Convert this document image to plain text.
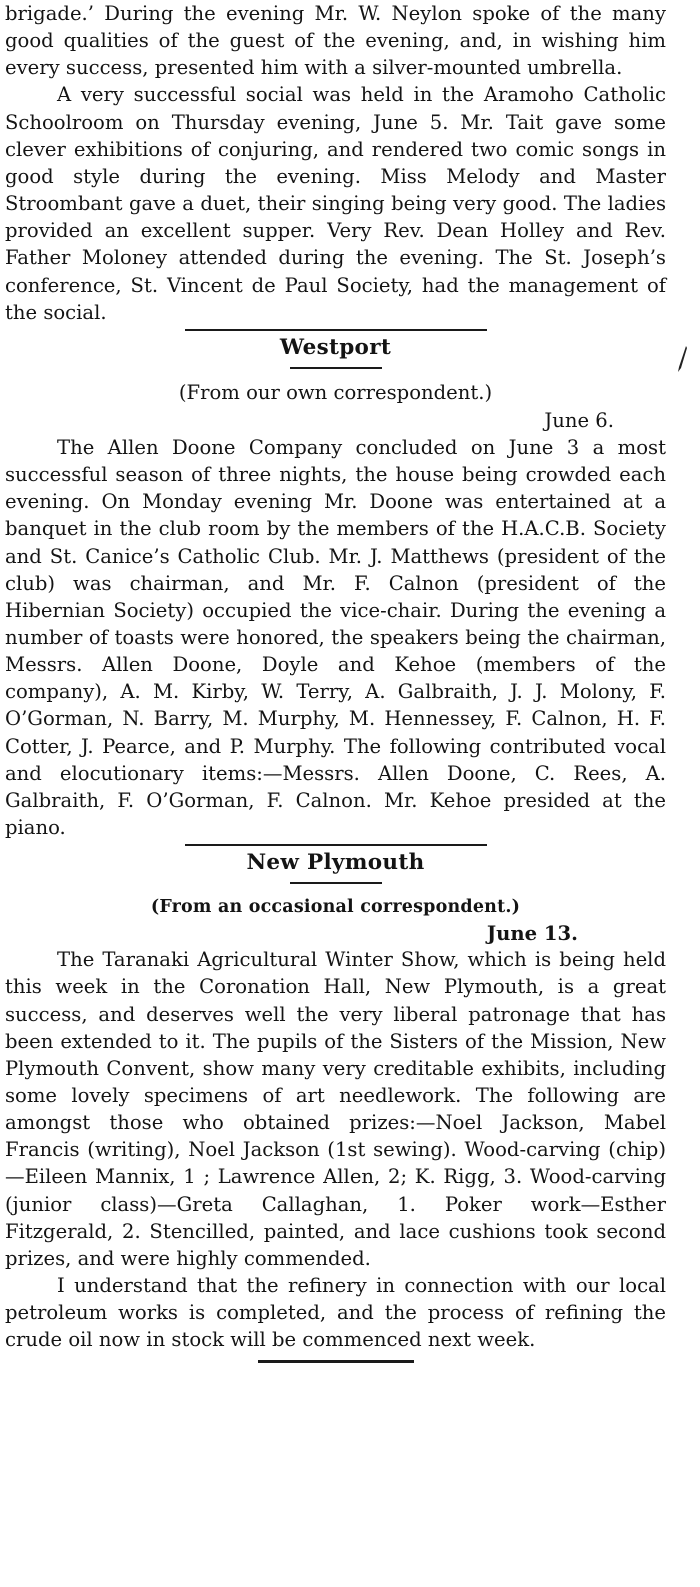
brigade.’ During the evening Mr. W. Neylon spoke of the many good qualities of the guest of the evening, and, in wishing him every success, presented him with a silver-mounted umbrella.

A very successful social was held in the Aramoho Catholic Schoolroom on Thursday evening, June 5. Mr. Tait gave some clever exhibitions of conjuring, and rendered two comic songs in good style during the evening. Miss Melody and Master Stroombant gave a duet, their singing being very good. The ladies provided an excellent supper. Very Rev. Dean Holley and Rev. Father Moloney attended during the evening. The St. Joseph’s conference, St. Vincent de Paul Society, had the management of the social.

Westport

(From our own correspondent.)

June 6.

The Allen Doone Company concluded on June 3 a most successful season of three nights, the house being crowded each evening. On Monday evening Mr. Doone was entertained at a banquet in the club room by the members of the H.A.C.B. Society and St. Canice’s Catholic Club. Mr. J. Matthews (president of the club) was chairman, and Mr. F. Calnon (president of the Hibernian Society) occupied the vice-chair. During the evening a number of toasts were honored, the speakers being the chairman, Messrs. Allen Doone, Doyle and Kehoe (members of the company), A. M. Kirby, W. Terry, A. Galbraith, J. J. Molony, F. O’Gorman, N. Barry, M. Murphy, M. Hennessey, F. Calnon, H. F. Cotter, J. Pearce, and P. Murphy. The following contributed vocal and elocutionary items:—Messrs. Allen Doone, C. Rees, A. Galbraith, F. O’Gorman, F. Calnon. Mr. Kehoe presided at the piano.

New Plymouth

(From an occasional correspondent.)

June 13.

The Taranaki Agricultural Winter Show, which is being held this week in the Coronation Hall, New Plymouth, is a great success, and deserves well the very liberal patronage that has been extended to it. The pupils of the Sisters of the Mission, New Plymouth Convent, show many very creditable exhibits, including some lovely specimens of art needlework. The following are amongst those who obtained prizes:—Noel Jackson, Mabel Francis (writing), Noel Jackson (1st sewing). Wood-carving (chip)—Eileen Mannix, 1 ; Lawrence Allen, 2; K. Rigg, 3. Wood-carving (junior class)—Greta Callaghan, 1. Poker work—Esther Fitzgerald, 2. Stencilled, painted, and lace cushions took second prizes, and were highly commended.

I understand that the refinery in connection with our local petroleum works is completed, and the process of refining the crude oil now in stock will be commenced next week.
